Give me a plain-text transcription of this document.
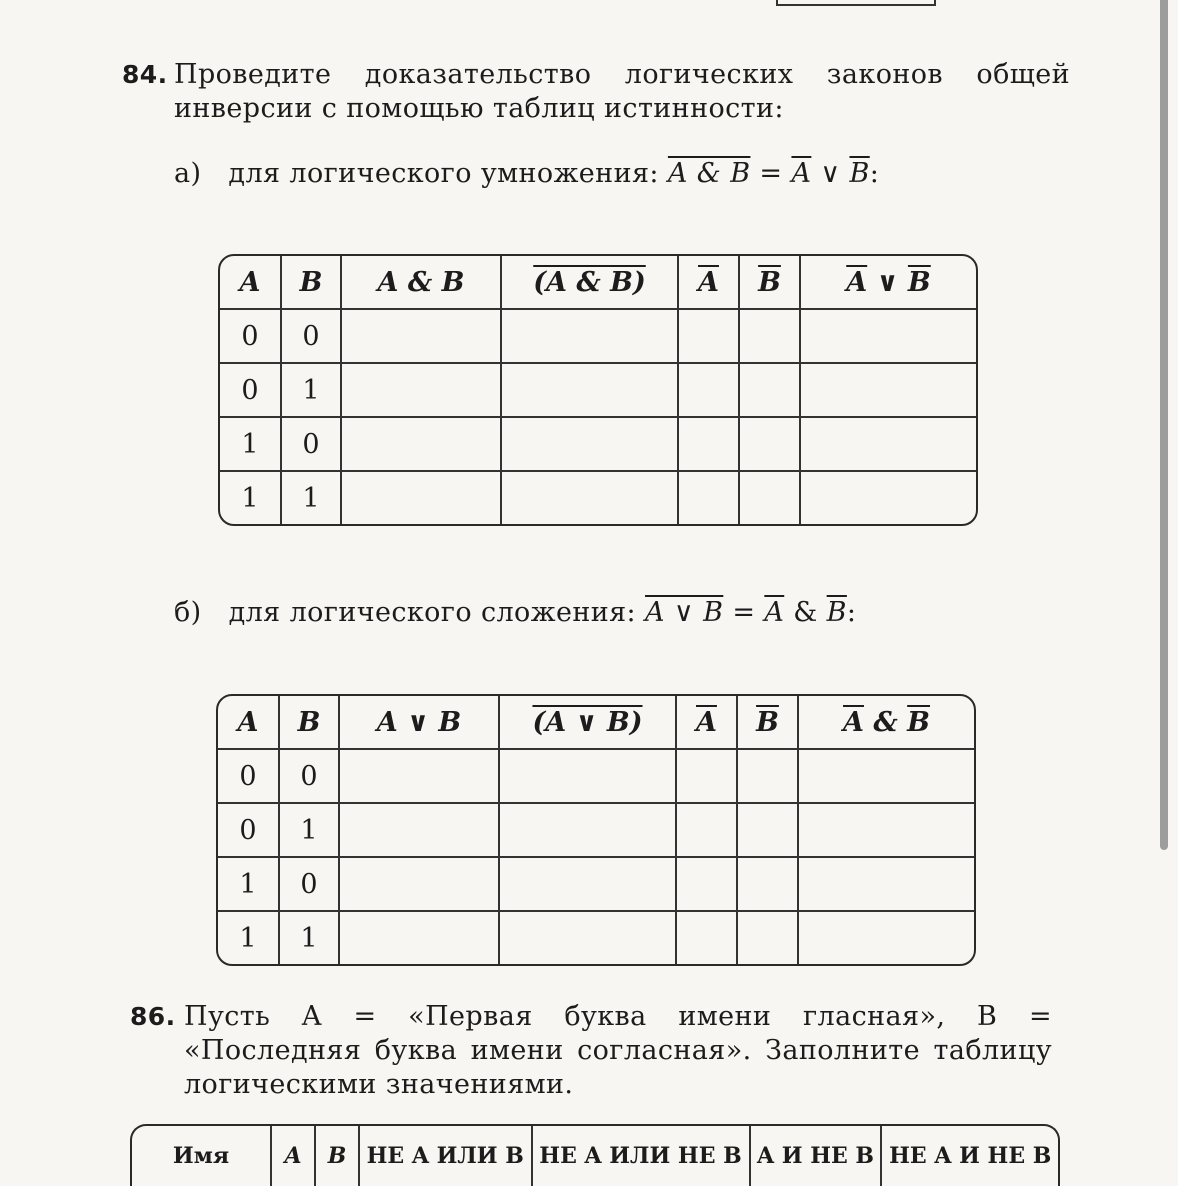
84. Проведите доказательство логических законов общей инверсии с помощью таблиц истинности:
а) для логического умножения: A & $B = \overline{A}$ ∨ $\overline{B}$:
A	B	A & B	(A & B)	$\overline{A}$	$\overline{B}$	$\overline{A}$ ∨ $\overline{B}$
0	0					
0	1					
1	0					
1	1					
б) для логического сложения: A ∨ $B = \overline{A}$ & $\overline{B}$:
A	B	A ∨ B	(A ∨ B)	$\overline{A}$	$\overline{B}$	$\overline{A}$ & $\overline{B}$
0	0					
0	1					
1	0					
1	1					
86. Пусть A = «Первая буква имени гласная», B = «Последняя буква имени согласная». Заполните таблицу логическими значениями.
Имя	A	B	НЕ A ИЛИ B	НЕ A ИЛИ НЕ B	A И НЕ B	НЕ A И НЕ B
